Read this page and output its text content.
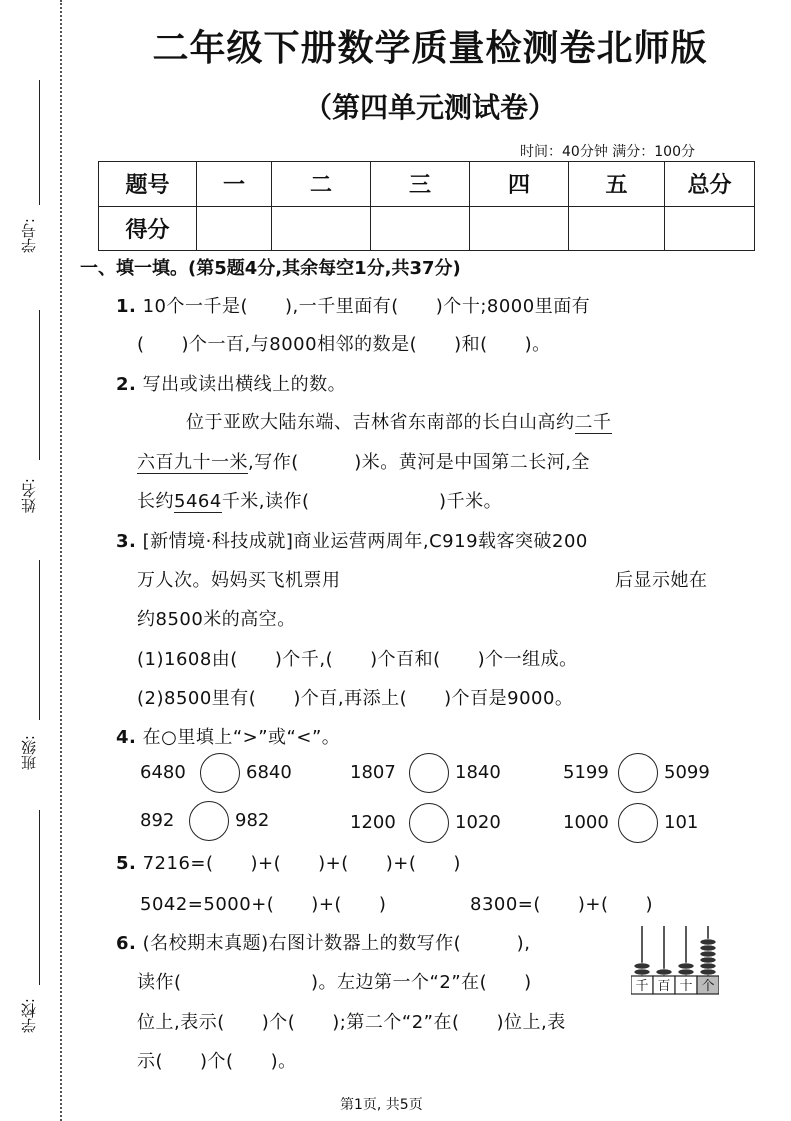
学号:
姓名:
班级:
学校:
二年级下册数学质量检测卷北师版
（第四单元测试卷）
时间：40分钟 满分：100分
题号	一	二	三	四	五	总分
得分						
一、填一填。(第5题4分,其余每空1分,共37分)
1. 10个一千是(　　),一千里面有(　　)个十;8000里面有
(　　)个一百,与8000相邻的数是(　　)和(　　)。
2. 写出或读出横线上的数。
位于亚欧大陆东端、吉林省东南部的长白山高约二千
六百九十一米,写作(　　　)米。黄河是中国第二长河,全
长约5464千米,读作(　　　　　　　)千米。
3. [新情境·科技成就]商业运营两周年,C919载客突破200
万人次。妈妈买飞机票用	后显示她在
约8500米的高空。
(1)1608由(　　)个千,(　　)个百和(　　)个一组成。
(2)8500里有(　　)个百,再添上(　　)个百是9000。
4. 在○里填上“>”或“<”。
6480	6840	1807	1840	5199	5099
892	982	1200	1020	1000	101
5. 7216=(　　)+(　　)+(　　)+(　　)
5042=5000+(　　)+(　　)	8300=(　　)+(　　)
6. (名校期末真题)右图计数器上的数写作(　　　),
读作(　　　　　　　)。左边第一个“2”在(　　)
位上,表示(　　)个(　　);第二个“2”在(　　)位上,表
示(　　)个(　　)。
千 百 十 个
第1页, 共5页
